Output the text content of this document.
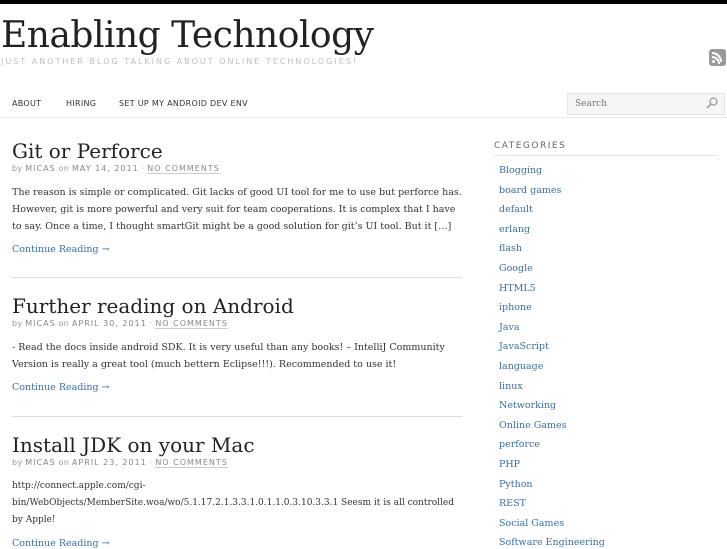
Enabling Technology
JUST ANOTHER BLOG TALKING ABOUT ONLINE TECHNOLOGIES!
ABOUT	HIRING	SET UP MY ANDROID DEV ENV
Search
Git or Perforce
by MICAS on MAY 14, 2011 · NO COMMENTS
The reason is simple or complicated. Git lacks of good UI tool for me to use but perforce has. However, git is more powerful and very suit for team cooperations. It is complex that I have to say. Once a time, I thought smartGit might be a good solution for git’s UI tool. But it […]
Continue Reading →
Further reading on Android
by MICAS on APRIL 30, 2011 · NO COMMENTS
- Read the docs inside android SDK. It is very useful than any books! – IntelliJ Community Version is really a great tool (much bettern Eclipse!!!). Recommended to use it!
Continue Reading →
Install JDK on your Mac
by MICAS on APRIL 23, 2011 · NO COMMENTS
http://connect.apple.com/cgi-bin/WebObjects/MemberSite.woa/wo/5.1.17.2.1.3.3.1.0.1.1.0.3.10.3.3.1 Seesm it is all controlled by Apple!
Continue Reading →
CATEGORIES
Blogging
board games
default
erlang
flash
Google
HTML5
iphone
Java
JavaScript
language
linux
Networking
Online Games
perforce
PHP
Python
REST
Social Games
Software Engineering
